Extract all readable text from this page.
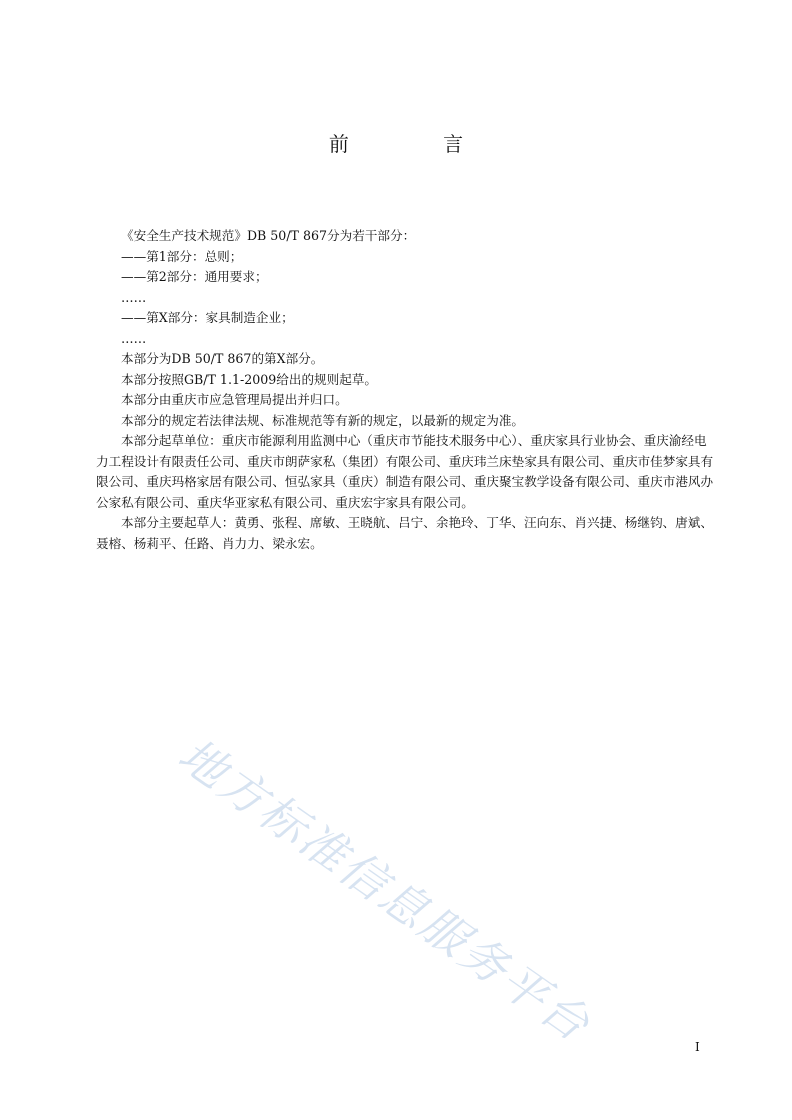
前 言

《安全生产技术规范》DB 50/T 867分为若干部分：

——第1部分：总则；

——第2部分：通用要求；

……

——第X部分：家具制造企业；

……

本部分为DB 50/T 867的第X部分。

本部分按照GB/T 1.1-2009给出的规则起草。

本部分由重庆市应急管理局提出并归口。

本部分的规定若法律法规、标准规范等有新的规定，以最新的规定为准。

本部分起草单位：重庆市能源利用监测中心（重庆市节能技术服务中心）、重庆家具行业协会、重庆渝经电力工程设计有限责任公司、重庆市朗萨家私（集团）有限公司、重庆玮兰床垫家具有限公司、重庆市佳梦家具有限公司、重庆玛格家居有限公司、恒弘家具（重庆）制造有限公司、重庆聚宝教学设备有限公司、重庆市港风办公家私有限公司、重庆华亚家私有限公司、重庆宏宇家具有限公司。

本部分主要起草人：黄勇、张程、席敏、王晓航、吕宁、余艳玲、丁华、汪向东、肖兴捷、杨继钧、唐斌、聂榕、杨莉平、任路、肖力力、梁永宏。

地方标准信息服务平台	I
